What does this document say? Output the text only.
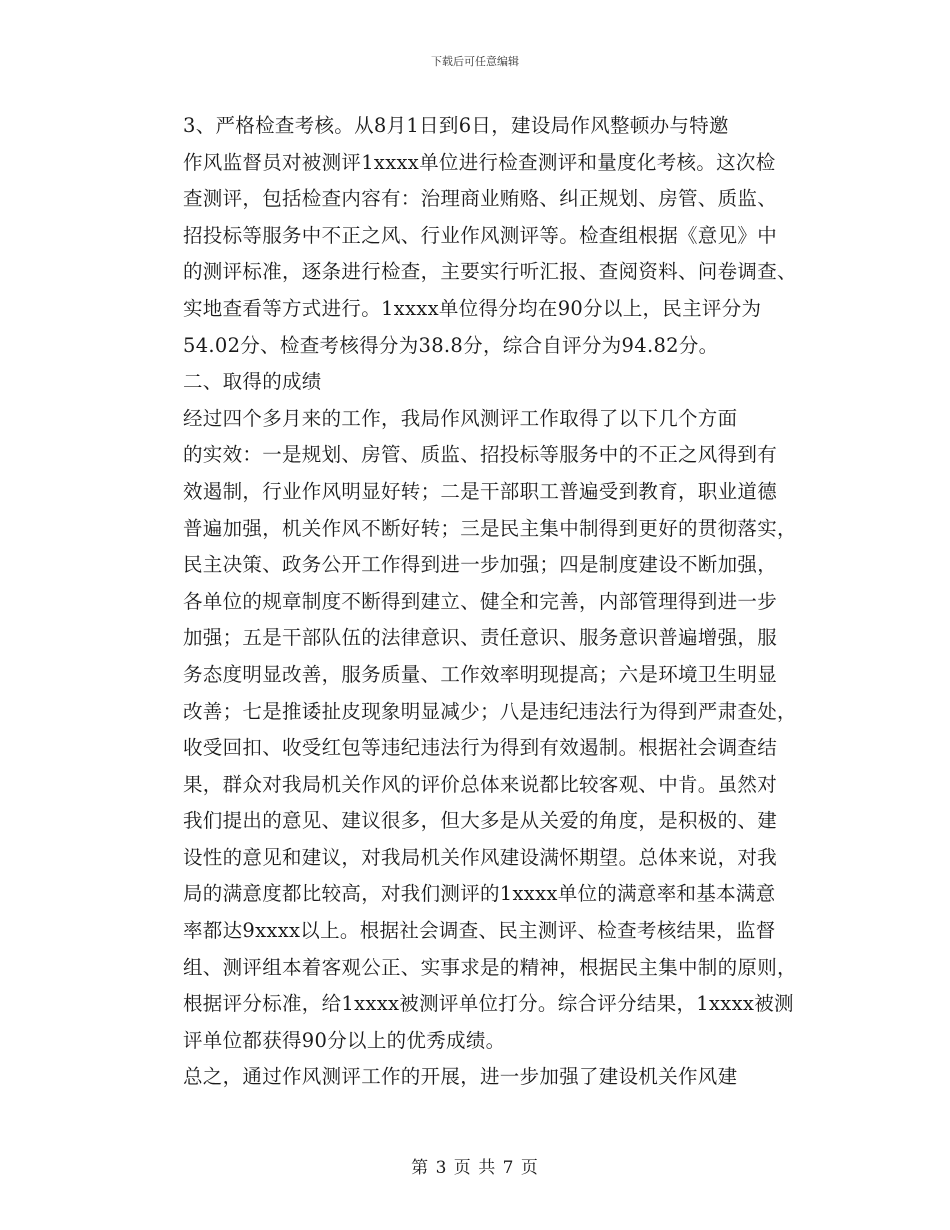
下载后可任意编辑

3、严格检查考核。从8月1日到6日，建设局作风整顿办与特邀
作风监督员对被测评1xxxx单位进行检查测评和量度化考核。这次检
查测评，包括检查内容有：治理商业贿赂、纠正规划、房管、质监、
招投标等服务中不正之风、行业作风测评等。检查组根据《意见》中
的测评标准，逐条进行检查，主要实行听汇报、查阅资料、问卷调查、
实地查看等方式进行。1xxxx单位得分均在90分以上，民主评分为
54.02分、检查考核得分为38.8分，综合自评分为94.82分。

二、取得的成绩

经过四个多月来的工作，我局作风测评工作取得了以下几个方面
的实效：一是规划、房管、质监、招投标等服务中的不正之风得到有
效遏制，行业作风明显好转；二是干部职工普遍受到教育，职业道德
普遍加强，机关作风不断好转；三是民主集中制得到更好的贯彻落实，
民主决策、政务公开工作得到进一步加强；四是制度建设不断加强，
各单位的规章制度不断得到建立、健全和完善，内部管理得到进一步
加强；五是干部队伍的法律意识、责任意识、服务意识普遍增强，服
务态度明显改善，服务质量、工作效率明现提高；六是环境卫生明显
改善；七是推诿扯皮现象明显减少；八是违纪违法行为得到严肃查处，
收受回扣、收受红包等违纪违法行为得到有效遏制。根据社会调查结
果，群众对我局机关作风的评价总体来说都比较客观、中肯。虽然对
我们提出的意见、建议很多，但大多是从关爱的角度，是积极的、建
设性的意见和建议，对我局机关作风建设满怀期望。总体来说，对我
局的满意度都比较高，对我们测评的1xxxx单位的满意率和基本满意
率都达9xxxx以上。根据社会调查、民主测评、检查考核结果，监督
组、测评组本着客观公正、实事求是的精神，根据民主集中制的原则，
根据评分标准，给1xxxx被测评单位打分。综合评分结果，1xxxx被测
评单位都获得90分以上的优秀成绩。

总之，通过作风测评工作的开展，进一步加强了建设机关作风建

第 3 页 共 7 页
